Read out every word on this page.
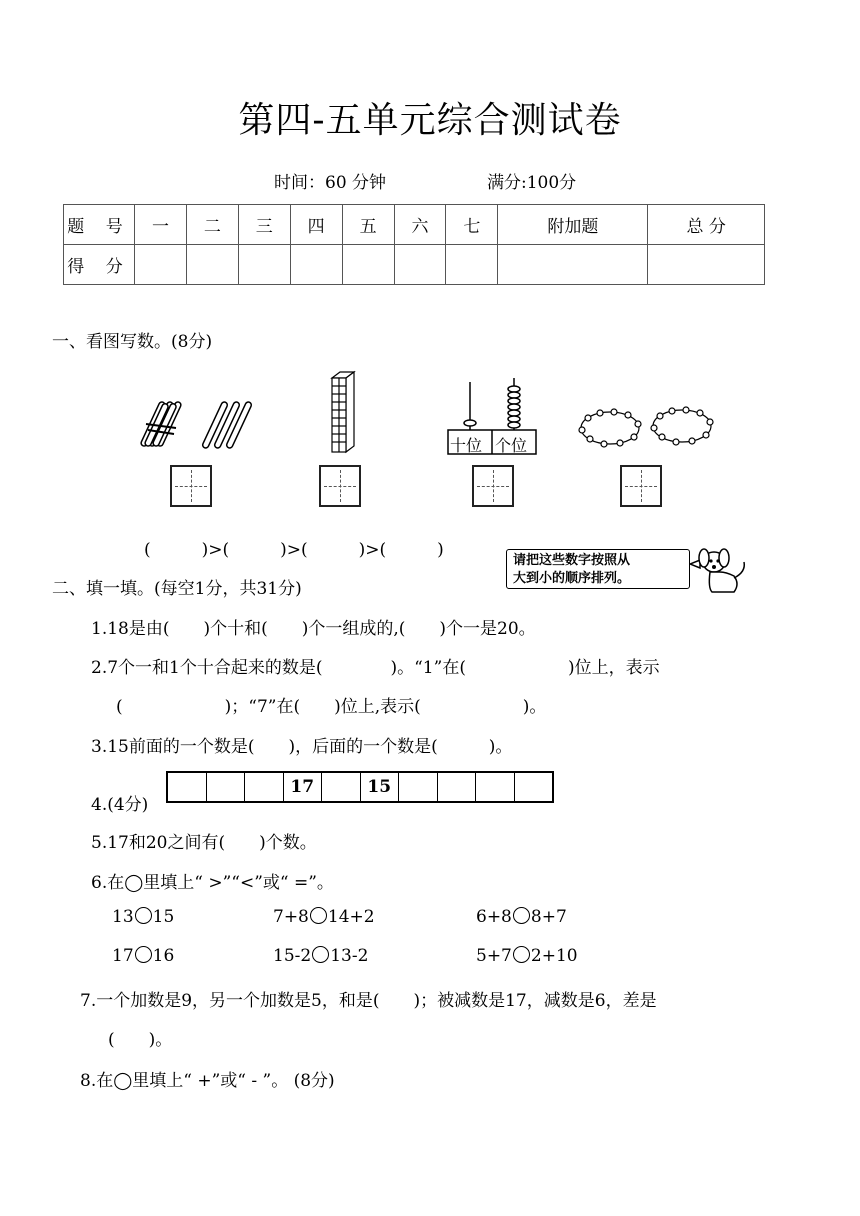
第四-五单元综合测试卷
时间：60 分钟	满分:100分
题 号	一	二	三	四	五	六	七	附加题	总 分
得 分									
一、看图写数。(8分)
十位 个位
(　　　)>(　　　)>(　　　)>(　　　)
请把这些数字按照从
大到小的顺序排列。
二、填一填。(每空1分，共31分)
1.18是由(　　)个十和(　　)个一组成的,(　　)个一是20。
2.7个一和1个十合起来的数是(　　　　)。“1”在(　　　　　　)位上，表示
(　　　　　　)；“7”在(　　)位上,表示(　　　　　　)。
3.15前面的一个数是(　　)，后面的一个数是(　　　)。
4.(4分)
17	15
5.17和20之间有(　　)个数。
6.在◯里填上“ >”“<”或“ =”。
13 15	7+8 14+2	6+8 8+7
17 16	15-2 13-2	5+7 2+10
7.一个加数是9，另一个加数是5，和是(　　)；被减数是17，减数是6，差是
(　　)。
8.在◯里填上“ +”或“ - ”。 (8分)
